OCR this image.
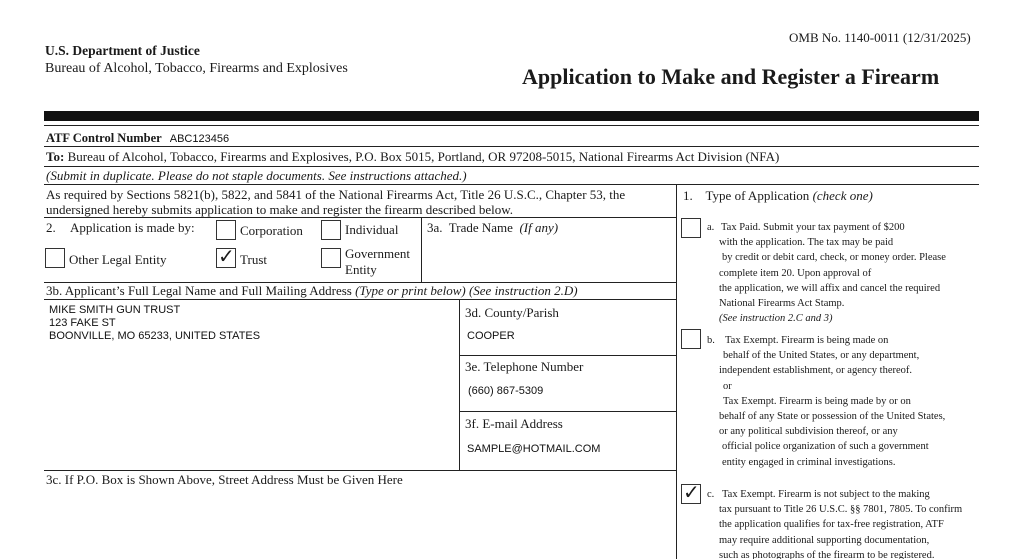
OMB No. 1140-0011 (12/31/2025)
U.S. Department of Justice
Bureau of Alcohol, Tobacco, Firearms and Explosives	Application to Make and Register a Firearm
ATF Control Number ABC123456
To: Bureau of Alcohol, Tobacco, Firearms and Explosives, P.O. Box 5015, Portland, OR 97208-5015, National Firearms Act Division (NFA)
(Submit in duplicate. Please do not staple documents. See instructions attached.)
As required by Sections 5821(b), 5822, and 5841 of the National Firearms Act, Title 26 U.S.C., Chapter 53, the
undersigned hereby submits application to make and register the firearm described below.
2. Application is made by:	Corporation	Individual
Other Legal Entity	✓ Trust	Government
Entity
3a. Trade Name (If any)
3b. Applicant’s Full Legal Name and Full Mailing Address (Type or print below) (See instruction 2.D)
MIKE SMITH GUN TRUST
123 FAKE ST
BOONVILLE, MO 65233, UNITED STATES
3d. County/Parish
COOPER
3e. Telephone Number
(660) 867-5309
3f. E-mail Address
SAMPLE@HOTMAIL.COM
3c. If P.O. Box is Shown Above, Street Address Must be Given Here
1. Type of Application (check one)
a. Tax Paid. Submit your tax payment of $200
with the application. The tax may be paid
by credit or debit card, check, or money order. Please
complete item 20. Upon approval of
the application, we will affix and cancel the required
National Firearms Act Stamp.
(See instruction 2.C and 3)
b. Tax Exempt. Firearm is being made on
behalf of the United States, or any department,
independent establishment, or agency thereof.
or
Tax Exempt. Firearm is being made by or on
behalf of any State or possession of the United States,
or any political subdivision thereof, or any
official police organization of such a government
entity engaged in criminal investigations.
✓ c. Tax Exempt. Firearm is not subject to the making
tax pursuant to Title 26 U.S.C. §§ 7801, 7805. To confirm
the application qualifies for tax-free registration, ATF
may require additional supporting documentation,
such as photographs of the firearm to be registered.
